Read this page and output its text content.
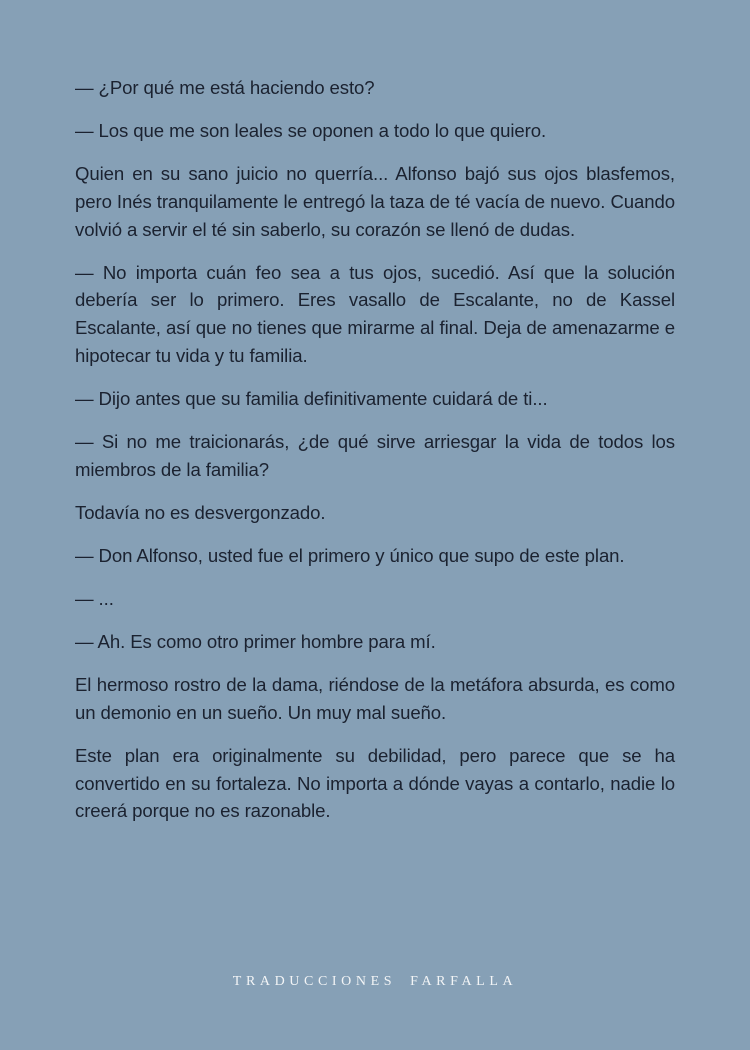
— ¿Por qué me está haciendo esto?

— Los que me son leales se oponen a todo lo que quiero.

Quien en su sano juicio no querría... Alfonso bajó sus ojos blasfemos, pero Inés tranquilamente le entregó la taza de té vacía de nuevo. Cuando volvió a servir el té sin saberlo, su corazón se llenó de dudas.

— No importa cuán feo sea a tus ojos, sucedió. Así que la solución debería ser lo primero. Eres vasallo de Escalante, no de Kassel Escalante, así que no tienes que mirarme al final. Deja de amenazarme e hipotecar tu vida y tu familia.

— Dijo antes que su familia definitivamente cuidará de ti...

— Si no me traicionarás, ¿de qué sirve arriesgar la vida de todos los miembros de la familia?

Todavía no es desvergonzado.

— Don Alfonso, usted fue el primero y único que supo de este plan.

— ...

— Ah. Es como otro primer hombre para mí.

El hermoso rostro de la dama, riéndose de la metáfora absurda, es como un demonio en un sueño. Un muy mal sueño.

Este plan era originalmente su debilidad, pero parece que se ha convertido en su fortaleza. No importa a dónde vayas a contarlo, nadie lo creerá porque no es razonable.

TRADUCCIONES FARFALLA
